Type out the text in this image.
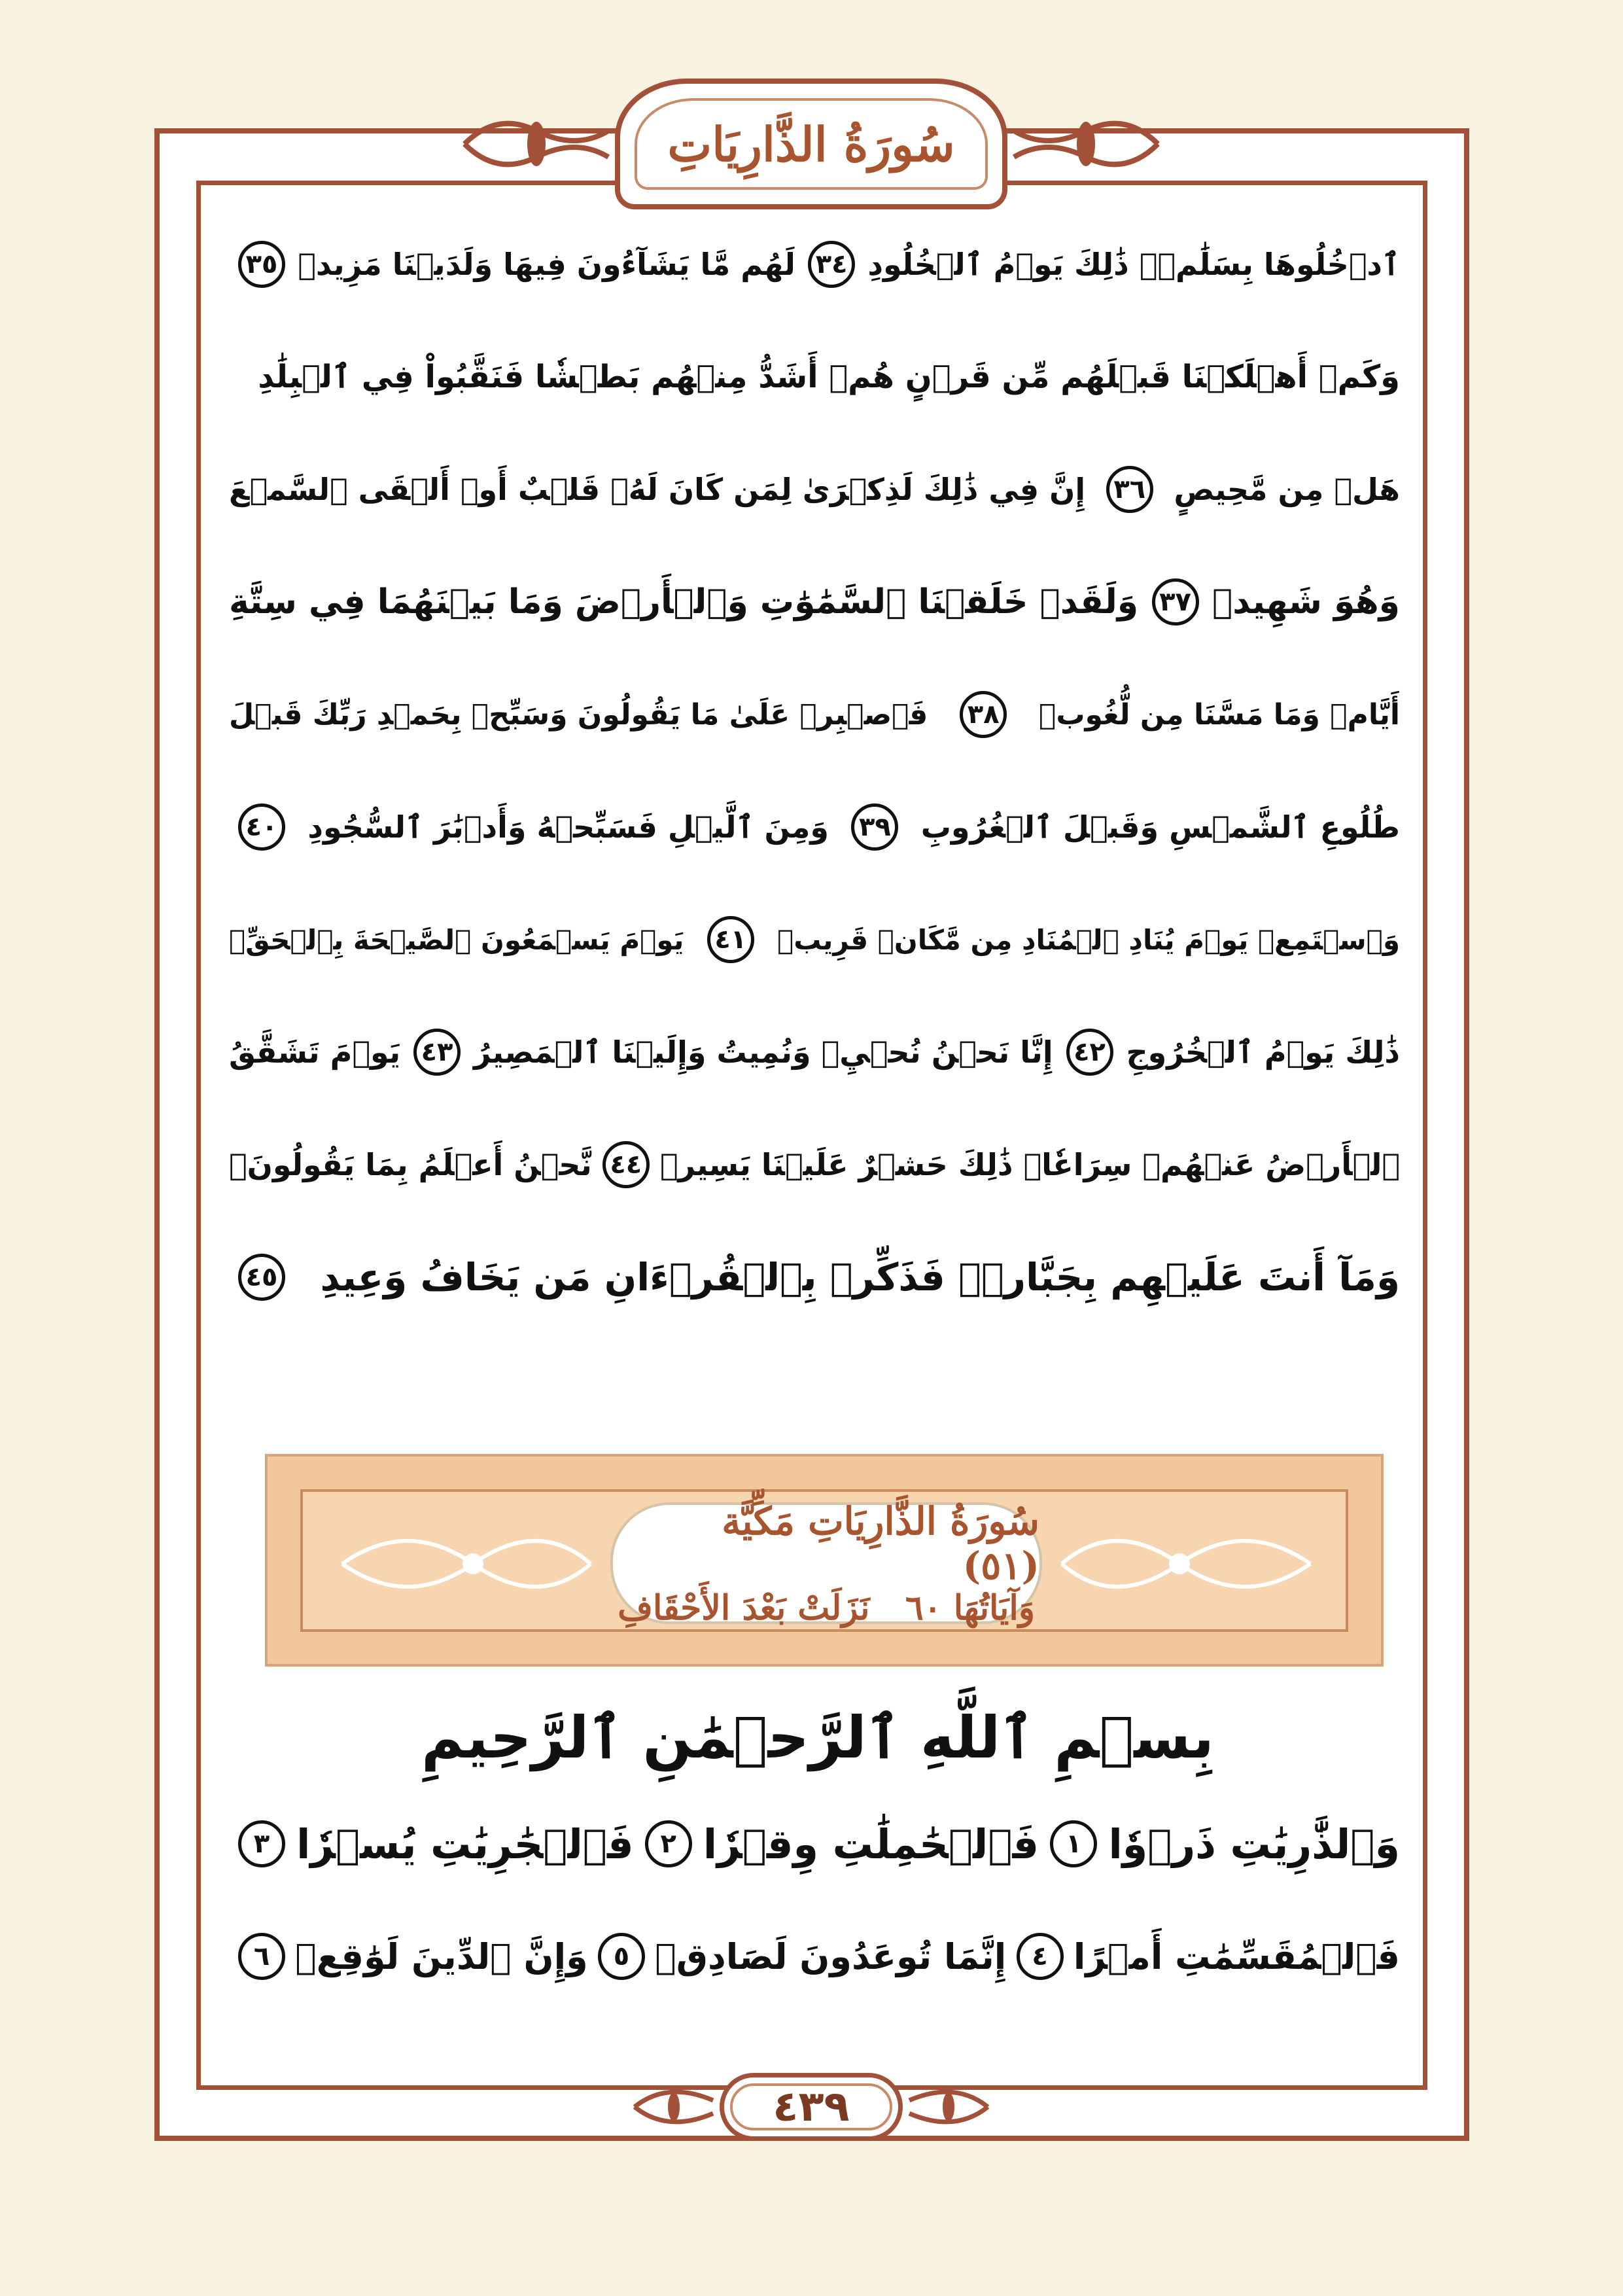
سُورَةُ الذَّارِيَاتِ
ٱدۡخُلُوهَا بِسَلَٰمٖۖ ذَٰلِكَ يَوۡمُ ٱلۡخُلُودِ
٣٤
لَهُم مَّا يَشَآءُونَ فِيهَا وَلَدَيۡنَا مَزِيدٞ
٣٥
وَكَمۡ أَهۡلَكۡنَا قَبۡلَهُم مِّن قَرۡنٍ هُمۡ أَشَدُّ مِنۡهُم بَطۡشٗا فَنَقَّبُواْ فِي ٱلۡبِلَٰدِ
هَلۡ مِن مَّحِيصٍ
٣٦
إِنَّ فِي ذَٰلِكَ لَذِكۡرَىٰ لِمَن كَانَ لَهُۥ قَلۡبٌ أَوۡ أَلۡقَى ٱلسَّمۡعَ
وَهُوَ شَهِيدٞ
٣٧
وَلَقَدۡ خَلَقۡنَا ٱلسَّمَٰوَٰتِ وَٱلۡأَرۡضَ وَمَا بَيۡنَهُمَا فِي سِتَّةِ
أَيَّامٖ وَمَا مَسَّنَا مِن لُّغُوبٖ
٣٨
فَٱصۡبِرۡ عَلَىٰ مَا يَقُولُونَ وَسَبِّحۡ بِحَمۡدِ رَبِّكَ قَبۡلَ
طُلُوعِ ٱلشَّمۡسِ وَقَبۡلَ ٱلۡغُرُوبِ
٣٩
وَمِنَ ٱلَّيۡلِ فَسَبِّحۡهُ وَأَدۡبَٰرَ ٱلسُّجُودِ
٤٠
وَٱسۡتَمِعۡ يَوۡمَ يُنَادِ ٱلۡمُنَادِ مِن مَّكَانٖ قَرِيبٖ
٤١
يَوۡمَ يَسۡمَعُونَ ٱلصَّيۡحَةَ بِٱلۡحَقِّۚ
ذَٰلِكَ يَوۡمُ ٱلۡخُرُوجِ
٤٢
إِنَّا نَحۡنُ نُحۡيِۦ وَنُمِيتُ وَإِلَيۡنَا ٱلۡمَصِيرُ
٤٣
يَوۡمَ تَشَقَّقُ
ٱلۡأَرۡضُ عَنۡهُمۡ سِرَاعٗاۚ ذَٰلِكَ حَشۡرٌ عَلَيۡنَا يَسِيرٞ
٤٤
نَّحۡنُ أَعۡلَمُ بِمَا يَقُولُونَۖ
وَمَآ أَنتَ عَلَيۡهِم بِجَبَّارٖۖ فَذَكِّرۡ بِٱلۡقُرۡءَانِ مَن يَخَافُ وَعِيدِ
٤٥
سُورَةُ الذَّارِيَاتِ مَكِّيَّة   (٥١)
وَآيَاتُهَا ٦٠   نَزَلَتْ بَعْدَ الأَحْقَافِ
بِسۡمِ ٱللَّهِ ٱلرَّحۡمَٰنِ ٱلرَّحِيمِ
وَٱلذَّٰرِيَٰتِ ذَرۡوٗا
١
فَٱلۡحَٰمِلَٰتِ وِقۡرٗا
٢
فَٱلۡجَٰرِيَٰتِ يُسۡرٗا
٣
فَٱلۡمُقَسِّمَٰتِ أَمۡرًا
٤
إِنَّمَا تُوعَدُونَ لَصَادِقٞ
٥
وَإِنَّ ٱلدِّينَ لَوَٰقِعٞ
٦
٤٣٩
